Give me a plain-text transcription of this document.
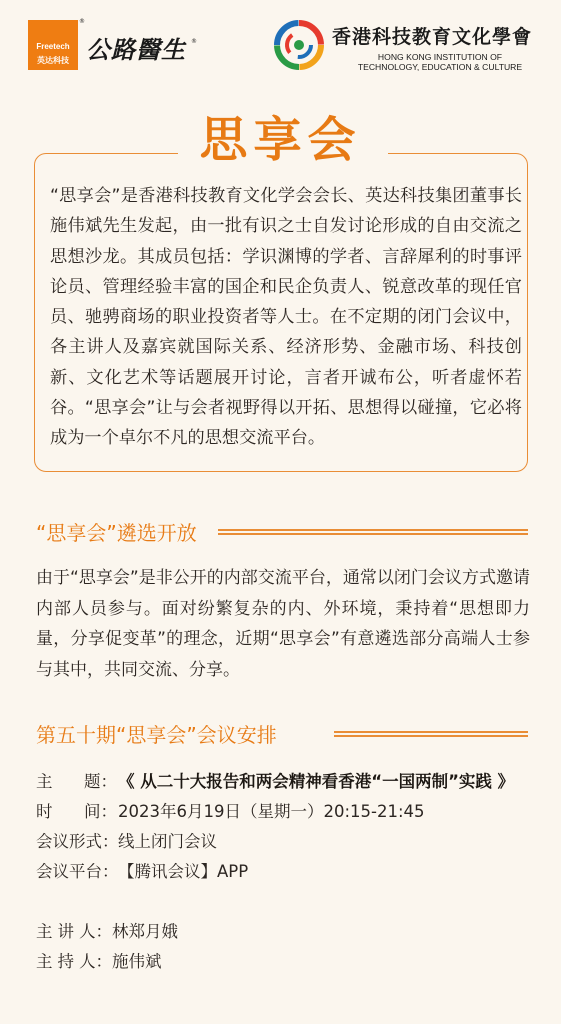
Freetech
英达科技
®
公路醫生 ®	香港科技教育文化學會
HONG KONG INSTITUTION OF
TECHNOLOGY, EDUCATION & CULTURE
思享会
“思享会”是香港科技教育文化学会会长、英达科技集团董事长施伟斌先生发起，由一批有识之士自发讨论形成的自由交流之思想沙龙。其成员包括：学识渊博的学者、言辞犀利的时事评论员、管理经验丰富的国企和民企负责人、锐意改革的现任官员、驰骋商场的职业投资者等人士。在不定期的闭门会议中，各主讲人及嘉宾就国际关系、经济形势、金融市场、科技创新、文化艺术等话题展开讨论，言者开诚布公，听者虚怀若谷。“思享会”让与会者视野得以开拓、思想得以碰撞，它必将成为一个卓尔不凡的思想交流平台。
“思享会”遴选开放
由于“思享会”是非公开的内部交流平台，通常以闭门会议方式邀请内部人员参与。面对纷繁复杂的内、外环境，秉持着“思想即力量，分享促变革”的理念，近期“思享会”有意遴选部分高端人士参与其中，共同交流、分享。
第五十期“思享会”会议安排
主 题：《 从二十大报告和两会精神看香港“一国两制”实践 》
时 间：2023年6月19日（星期一）20:15-21:45
会议形式：线上闭门会议
会议平台：【腾讯会议】APP
主 讲 人： 林郑月娥
主 持 人： 施伟斌
